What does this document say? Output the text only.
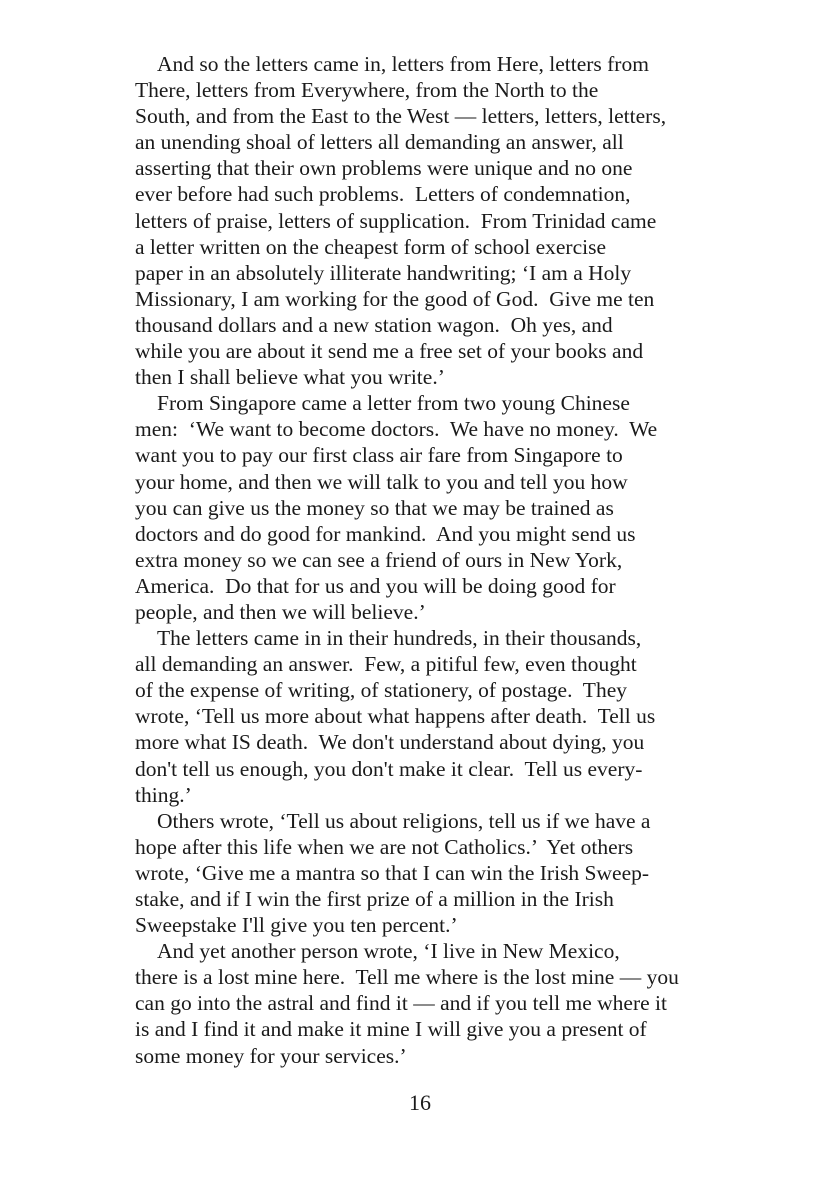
And so the letters came in, letters from Here, letters from
There, letters from Everywhere, from the North to the
South, and from the East to the West — letters, letters, letters,
an unending shoal of letters all demanding an answer, all
asserting that their own problems were unique and no one
ever before had such problems.  Letters of condemnation,
letters of praise, letters of supplication.  From Trinidad came
a letter written on the cheapest form of school exercise
paper in an absolutely illiterate handwriting; ‘I am a Holy
Missionary, I am working for the good of God.  Give me ten
thousand dollars and a new station wagon.  Oh yes, and
while you are about it send me a free set of your books and
then I shall believe what you write.’
From Singapore came a letter from two young Chinese
men:  ‘We want to become doctors.  We have no money.  We
want you to pay our first class air fare from Singapore to
your home, and then we will talk to you and tell you how
you can give us the money so that we may be trained as
doctors and do good for mankind.  And you might send us
extra money so we can see a friend of ours in New York,
America.  Do that for us and you will be doing good for
people, and then we will believe.’
The letters came in in their hundreds, in their thousands,
all demanding an answer.  Few, a pitiful few, even thought
of the expense of writing, of stationery, of postage.  They
wrote, ‘Tell us more about what happens after death.  Tell us
more what IS death.  We don't understand about dying, you
don't tell us enough, you don't make it clear.  Tell us every-
thing.’
Others wrote, ‘Tell us about religions, tell us if we have a
hope after this life when we are not Catholics.’  Yet others
wrote, ‘Give me a mantra so that I can win the Irish Sweep-
stake, and if I win the first prize of a million in the Irish
Sweepstake I'll give you ten percent.’
And yet another person wrote, ‘I live in New Mexico,
there is a lost mine here.  Tell me where is the lost mine — you
can go into the astral and find it — and if you tell me where it
is and I find it and make it mine I will give you a present of
some money for your services.’
16
